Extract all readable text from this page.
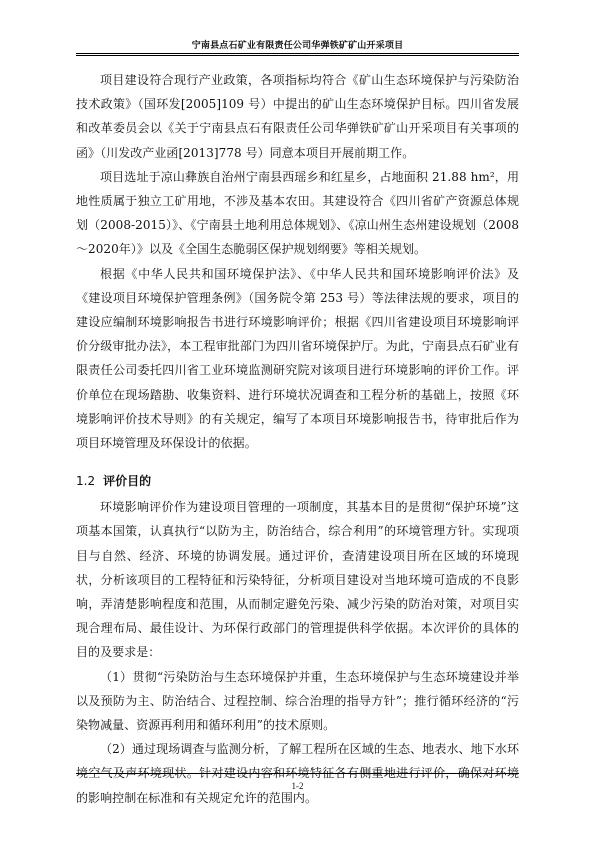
宁南县点石矿业有限责任公司华弹铁矿矿山开采项目

项目建设符合现行产业政策，各项指标均符合《矿山生态环境保护与污染防治技术政策》（国环发[2005]109 号）中提出的矿山生态环境保护目标。四川省发展和改革委员会以《关于宁南县点石有限责任公司华弹铁矿矿山开采项目有关事项的函》（川发改产业函[2013]778 号）同意本项目开展前期工作。

项目选址于凉山彝族自治州宁南县西瑶乡和红星乡，占地面积 21.88 hm²，用地性质属于独立工矿用地，不涉及基本农田。其建设符合《四川省矿产资源总体规划（2008-2015）》、《宁南县土地利用总体规划》、《凉山州生态州建设规划（2008～2020年）》以及《全国生态脆弱区保护规划纲要》等相关规划。

根据《中华人民共和国环境保护法》、《中华人民共和国环境影响评价法》及《建设项目环境保护管理条例》（国务院令第 253 号）等法律法规的要求，项目的建设应编制环境影响报告书进行环境影响评价；根据《四川省建设项目环境影响评价分级审批办法》，本工程审批部门为四川省环境保护厅。为此，宁南县点石矿业有限责任公司委托四川省工业环境监测研究院对该项目进行环境影响的评价工作。评价单位在现场踏勘、收集资料、进行环境状况调查和工程分析的基础上，按照《环境影响评价技术导则》的有关规定，编写了本项目环境影响报告书，待审批后作为项目环境管理及环保设计的依据。

1.2 评价目的

环境影响评价作为建设项目管理的一项制度，其基本目的是贯彻“保护环境”这项基本国策，认真执行“以防为主，防治结合，综合利用”的环境管理方针。实现项目与自然、经济、环境的协调发展。通过评价，查清建设项目所在区域的环境现状，分析该项目的工程特征和污染特征，分析项目建设对当地环境可造成的不良影响，弄清楚影响程度和范围，从而制定避免污染、减少污染的防治对策，对项目实现合理布局、最佳设计、为环保行政部门的管理提供科学依据。本次评价的具体的目的及要求是：

（1）贯彻“污染防治与生态环境保护并重，生态环境保护与生态环境建设并举以及预防为主、防治结合、过程控制、综合治理的指导方针”；推行循环经济的“污染物减量、资源再利用和循环利用”的技术原则。

（2）通过现场调查与监测分析，了解工程所在区域的生态、地表水、地下水环境空气及声环境现状。针对建设内容和环境特征各有侧重地进行评价，确保对环境的影响控制在标准和有关规定允许的范围内。

1-2
